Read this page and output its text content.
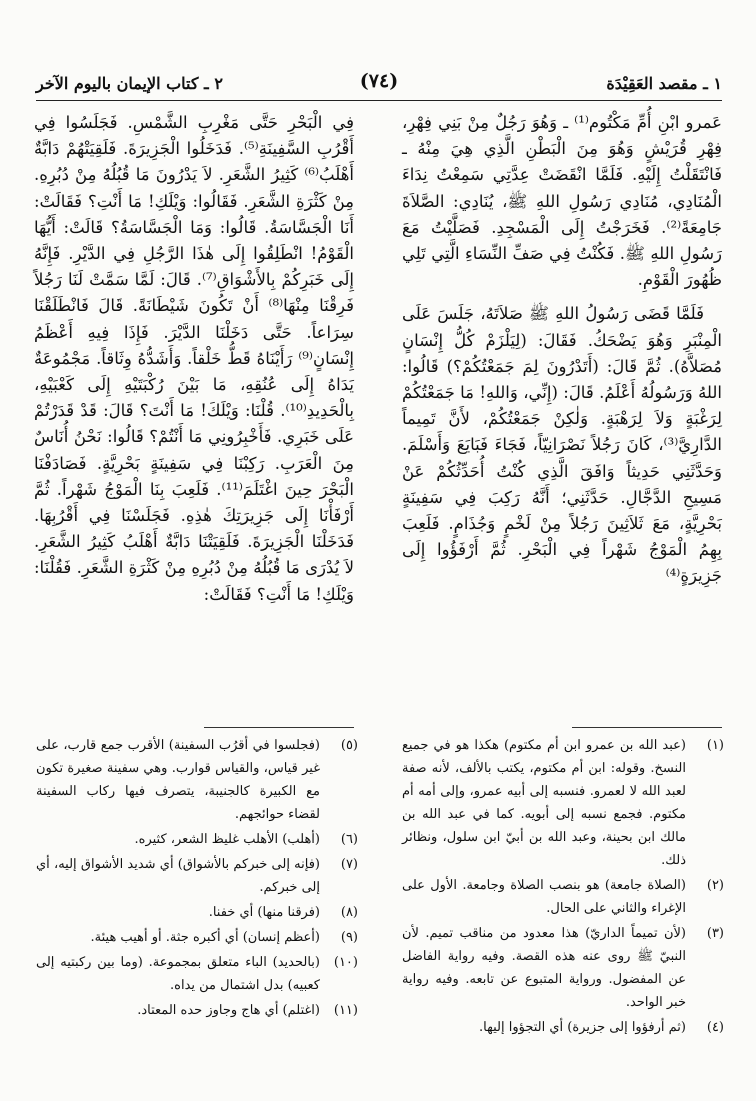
١ ـ مقصد العَقِيْدَة
(٧٤)
٢ ـ كتاب الإيمان باليوم الآخر

عَمرو ابْنِ أُمِّ مَكْتُوم⁽¹⁾ ـ وَهُوَ رَجُلٌ مِنْ بَنِي فِهْرِ، فِهْرِ قُرَيْشٍ وَهُوَ مِنَ الْبَطْنِ الَّذِي هِيَ مِنْهُ ـ فَانْتَقَلْتُ إِلَيْهِ. فَلَمَّا انْقَضَتْ عِدَّتِي سَمِعْتُ نِدَاءَ الْمُنَادِي، مُنَادِي رَسُولِ اللهِ ﷺ، يُنَادِي: الصَّلاَةَ جَامِعَةً⁽²⁾. فَخَرَجْتُ إِلَى الْمَسْجِدِ. فَصَلَّيْتُ مَعَ رَسُولِ اللهِ ﷺ. فَكُنْتُ فِي صَفِّ النِّسَاءِ الَّتِي تَلِي ظُهُورَ الْقَوْمِ.

فَلَمَّا قَضَى رَسُولُ اللهِ ﷺ صَلاَتَهُ، جَلَسَ عَلَى الْمِنْبَرِ وَهُوَ يَضْحَكُ. فَقَالَ: (لِيَلْزَمْ كُلُّ إِنْسَانٍ مُصَلاَّهُ). ثُمَّ قَالَ: (أَتَدْرُونَ لِمَ جَمَعْتُكُمْ؟) قَالُوا: اللهُ وَرَسُولُهُ أَعْلَمُ. قَالَ: (إِنِّي، وَاللهِ! مَا جَمَعْتُكُمْ لِرَغْبَةٍ وَلاَ لِرَهْبَةٍ. وَلٰكِنْ جَمَعْتُكُمْ، لأَنَّ تَمِيماً الدَّارِيَّ⁽³⁾، كَانَ رَجُلاً نَصْرَانِيّاً، فَجَاءَ فَبَايَعَ وَأَسْلَمَ. وَحَدَّثَنِي حَدِيثاً وَافَقَ الَّذِي كُنْتُ أُحَدِّثُكُمْ عَنْ مَسِيحِ الدَّجَّالِ. حَدَّثَنِي؛ أَنَّهُ رَكِبَ فِي سَفِينَةٍ بَحْرِيَّةٍ، مَعَ ثَلاَثِينَ رَجُلاً مِنْ لَخْمٍ وَجُذَامٍ. فَلَعِبَ بِهِمُ الْمَوْجُ شَهْراً فِي الْبَحْرِ. ثُمَّ أَرْفَؤُوا إِلَى جَزِيرَةٍ⁽⁴⁾

فِي الْبَحْرِ حَتَّى مَغْرِبِ الشَّمْسِ. فَجَلَسُوا فِي أَقْرُبِ السَّفِينَةِ⁽⁵⁾. فَدَخَلُوا الْجَزِيرَةَ. فَلَقِيَتْهُمْ دَابَّةٌ أَهْلَبُ⁽⁶⁾ كَثِيرُ الشَّعَرِ. لاَ يَدْرُونَ مَا قُبُلُهُ مِنْ دُبُرِهِ. مِنْ كَثْرَةِ الشَّعَرِ. فَقَالُوا: وَيْلَكِ! مَا أَنْتِ؟ فَقَالَتْ: أَنَا الْجَسَّاسَةُ. قَالُوا: وَمَا الْجَسَّاسَةُ؟ قَالَتْ: أَيُّهَا الْقَوْمُ! انْطَلِقُوا إِلَى هٰذَا الرَّجُلِ فِي الدَّيْرِ. فَإِنَّهُ إِلَى خَبَرِكُمْ بِالأَشْوَاقِ⁽⁷⁾. قَالَ: لَمَّا سَمَّتْ لَنَا رَجُلاً فَرِقْنَا مِنْهَا⁽⁸⁾ أَنْ تَكُونَ شَيْطَانَةً. قَالَ فَانْطَلَقْنَا سِرَاعاً. حَتَّى دَخَلْنَا الدَّيْرَ. فَإِذَا فِيهِ أَعْظَمُ إِنْسَانٍ⁽⁹⁾ رَأَيْنَاهُ قَطُّ خَلْقاً. وَأَشَدُّهُ وِثَاقاً. مَجْمُوعَةٌ يَدَاهُ إِلَى عُنُقِهِ، مَا بَيْنَ رُكْبَتَيْهِ إِلَى كَعْبَيْهِ، بِالْحَدِيدِ⁽¹⁰⁾. قُلْنَا: وَيْلَكَ! مَا أَنْتَ؟ قَالَ: قَدْ قَدَرْتُمْ عَلَى خَبَرِي. فَأَخْبِرُونِي مَا أَنْتُمْ؟ قَالُوا: نَحْنُ أُنَاسٌ مِنَ الْعَرَبِ. رَكِبْنَا فِي سَفِينَةٍ بَحْرِيَّةٍ. فَصَادَفْنَا الْبَحْرَ حِينَ اغْتَلَمَ⁽¹¹⁾. فَلَعِبَ بِنَا الْمَوْجُ شَهْراً. ثُمَّ أَرْفَأْنَا إِلَى جَزِيرَتِكَ هٰذِهِ. فَجَلَسْنَا فِي أَقْرُبِهَا. فَدَخَلْنَا الْجَزِيرَةَ. فَلَقِيَتْنَا دَابَّةٌ أَهْلَبُ كَثِيرُ الشَّعَرِ. لاَ يُدْرَى مَا قُبُلُهُ مِنْ دُبُرِهِ مِنْ كَثْرَةِ الشَّعَرِ. فَقُلْنَا: وَيْلَكِ! مَا أَنْتِ؟ فَقَالَتْ:

(١)
(عبد الله بن عمرو ابن أم مكتوم) هكذا هو في جميع النسخ. وقوله: ابن أم مكتوم، يكتب بالألف، لأنه صفة لعبد الله لا لعمرو. فنسبه إلى أبيه عمرو، وإلى أمه أم مكتوم. فجمع نسبه إلى أبويه. كما في عبد الله بن مالك ابن بحينة، وعبد الله بن أبيّ ابن سلول، ونظائر ذلك.
(٢)
(الصلاة جامعة) هو بنصب الصلاة وجامعة. الأول على الإغراء والثاني على الحال.
(٣)
(لأن تميماً الداريّ) هذا معدود من مناقب تميم. لأن النبيّ ﷺ روى عنه هذه القصة. وفيه رواية الفاضل عن المفضول. ورواية المتبوع عن تابعه. وفيه رواية خبر الواحد.
(٤)
(ثم أرفؤوا إلى جزيرة) أي التجؤوا إليها.
(٥)
(فجلسوا في أقرُب السفينة) الأقرب جمع قارب، على غير قياس، والقياس قوارب. وهي سفينة صغيرة تكون مع الكبيرة كالجنيبة، يتصرف فيها ركاب السفينة لقضاء حوائجهم.
(٦)
(أهلب) الأهلب غليظ الشعر، كثيره.
(٧)
(فإنه إلى خبركم بالأشواق) أي شديد الأشواق إليه، أي إلى خبركم.
(٨)
(فرقنا منها) أي خفنا.
(٩)
(أعظم إنسان) أي أكبره جثة. أو أهيب هيئة.
(١٠)
(بالحديد) الباء متعلق بمجموعة. (وما بين ركبتيه إلى كعبيه) بدل اشتمال من يداه.
(١١)
(اغتلم) أي هاج وجاوز حده المعتاد.
